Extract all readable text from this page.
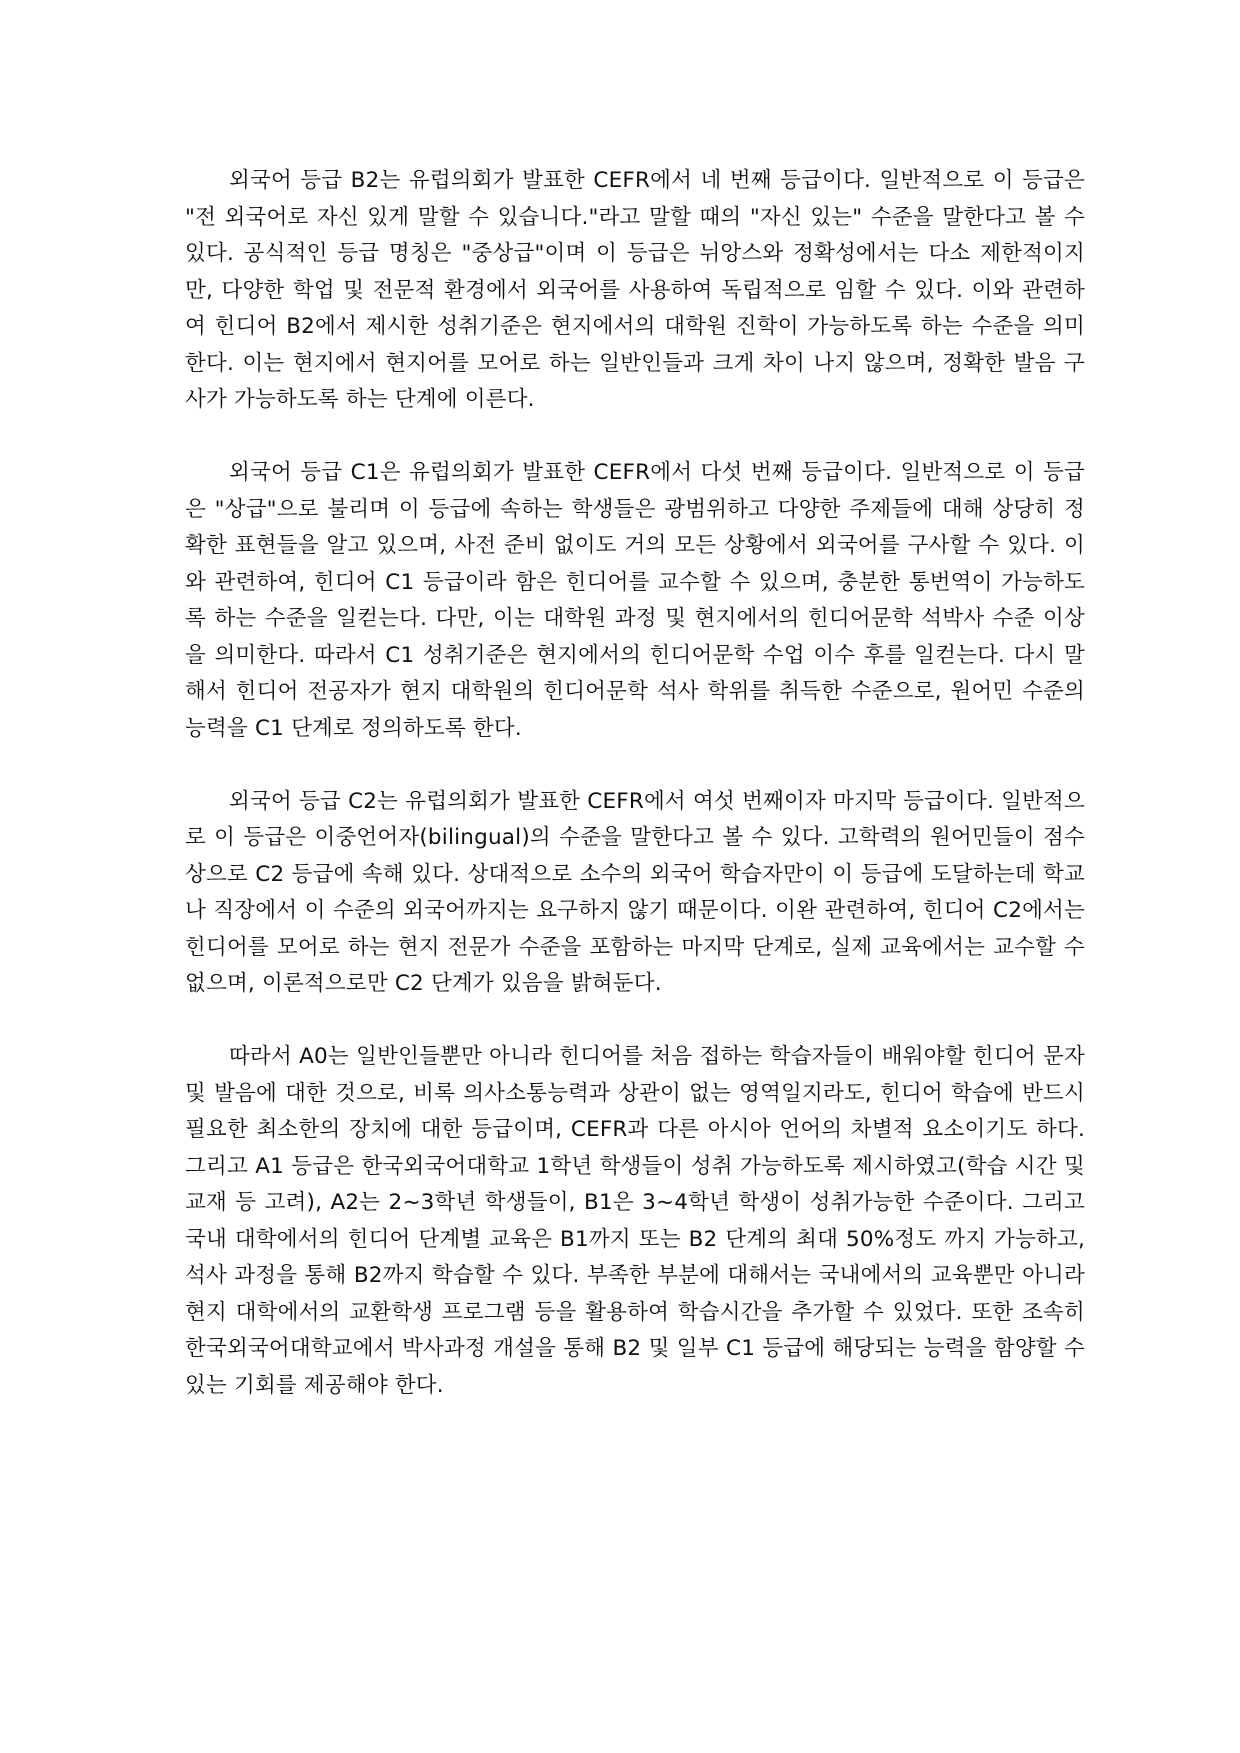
외국어 등급 B2는 유럽의회가 발표한 CEFR에서 네 번째 등급이다. 일반적으로 이 등급은 "전 외국어로 자신 있게 말할 수 있습니다."라고 말할 때의 "자신 있는" 수준을 말한다고 볼 수 있다. 공식적인 등급 명칭은 "중상급"이며 이 등급은 뉘앙스와 정확성에서는 다소 제한적이지만, 다양한 학업 및 전문적 환경에서 외국어를 사용하여 독립적으로 임할 수 있다. 이와 관련하여 힌디어 B2에서 제시한 성취기준은 현지에서의 대학원 진학이 가능하도록 하는 수준을 의미한다. 이는 현지에서 현지어를 모어로 하는 일반인들과 크게 차이 나지 않으며, 정확한 발음 구사가 가능하도록 하는 단계에 이른다.

외국어 등급 C1은 유럽의회가 발표한 CEFR에서 다섯 번째 등급이다. 일반적으로 이 등급은 "상급"으로 불리며 이 등급에 속하는 학생들은 광범위하고 다양한 주제들에 대해 상당히 정확한 표현들을 알고 있으며, 사전 준비 없이도 거의 모든 상황에서 외국어를 구사할 수 있다. 이와 관련하여, 힌디어 C1 등급이라 함은 힌디어를 교수할 수 있으며, 충분한 통번역이 가능하도록 하는 수준을 일컫는다. 다만, 이는 대학원 과정 및 현지에서의 힌디어문학 석박사 수준 이상을 의미한다. 따라서 C1 성취기준은 현지에서의 힌디어문학 수업 이수 후를 일컫는다. 다시 말해서 힌디어 전공자가 현지 대학원의 힌디어문학 석사 학위를 취득한 수준으로, 원어민 수준의 능력을 C1 단계로 정의하도록 한다.

외국어 등급 C2는 유럽의회가 발표한 CEFR에서 여섯 번째이자 마지막 등급이다. 일반적으로 이 등급은 이중언어자(bilingual)의 수준을 말한다고 볼 수 있다. 고학력의 원어민들이 점수 상으로 C2 등급에 속해 있다. 상대적으로 소수의 외국어 학습자만이 이 등급에 도달하는데 학교나 직장에서 이 수준의 외국어까지는 요구하지 않기 때문이다. 이완 관련하여, 힌디어 C2에서는 힌디어를 모어로 하는 현지 전문가 수준을 포함하는 마지막 단계로, 실제 교육에서는 교수할 수 없으며, 이론적으로만 C2 단계가 있음을 밝혀둔다.

따라서 A0는 일반인들뿐만 아니라 힌디어를 처음 접하는 학습자들이 배워야할 힌디어 문자 및 발음에 대한 것으로, 비록 의사소통능력과 상관이 없는 영역일지라도, 힌디어 학습에 반드시 필요한 최소한의 장치에 대한 등급이며, CEFR과 다른 아시아 언어의 차별적 요소이기도 하다. 그리고 A1 등급은 한국외국어대학교 1학년 학생들이 성취 가능하도록 제시하였고(학습 시간 및 교재 등 고려), A2는 2~3학년 학생들이, B1은 3~4학년 학생이 성취가능한 수준이다. 그리고 국내 대학에서의 힌디어 단계별 교육은 B1까지 또는 B2 단계의 최대 50%정도 까지 가능하고, 석사 과정을 통해 B2까지 학습할 수 있다. 부족한 부분에 대해서는 국내에서의 교육뿐만 아니라 현지 대학에서의 교환학생 프로그램 등을 활용하여 학습시간을 추가할 수 있었다. 또한 조속히 한국외국어대학교에서 박사과정 개설을 통해 B2 및 일부 C1 등급에 해당되는 능력을 함양할 수 있는 기회를 제공해야 한다.
